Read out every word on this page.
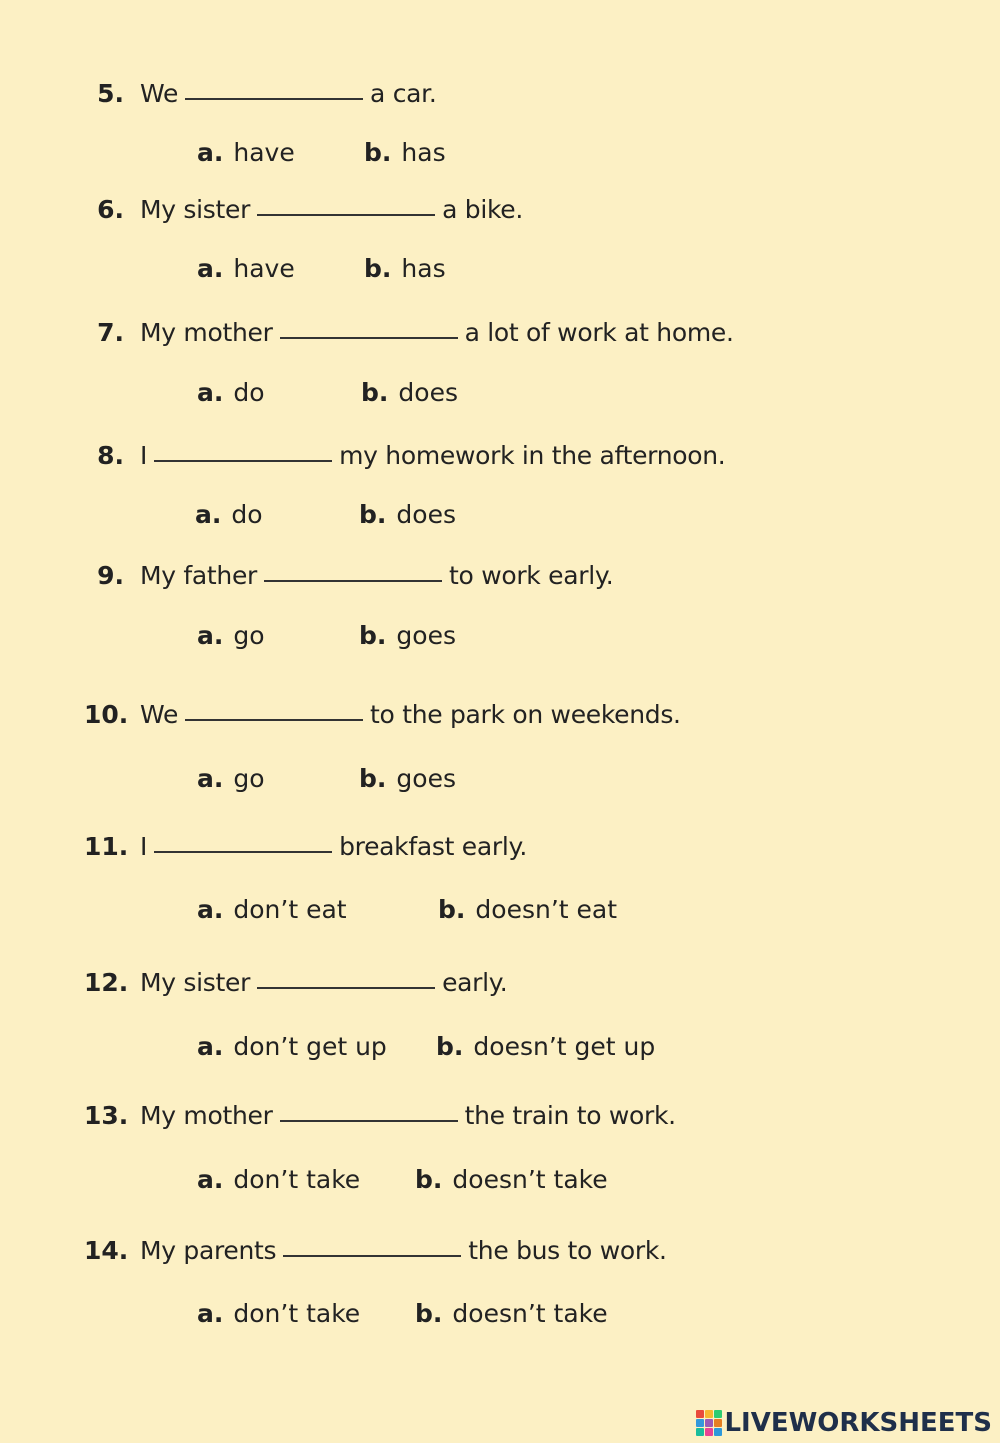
5. We	a car.
a. have	b. has
6. My sister	a bike.
a. have	b. has
7. My mother	a lot of work at home.
a. do	b. does
8. I	my homework in the afternoon.
a. do	b. does
9. My father	to work early.
a. go	b. goes
10. We	to the park on weekends.
a. go	b. goes
11. I	breakfast early.
a. don’t eat	b. doesn’t eat
12. My sister	early.
a. don’t get up b. doesn’t get up
13. My mother	the train to work.
a. don’t take b. doesn’t take
14. My parents	the bus to work.
a. don’t take b. doesn’t take
LIVEWORKSHEETS
